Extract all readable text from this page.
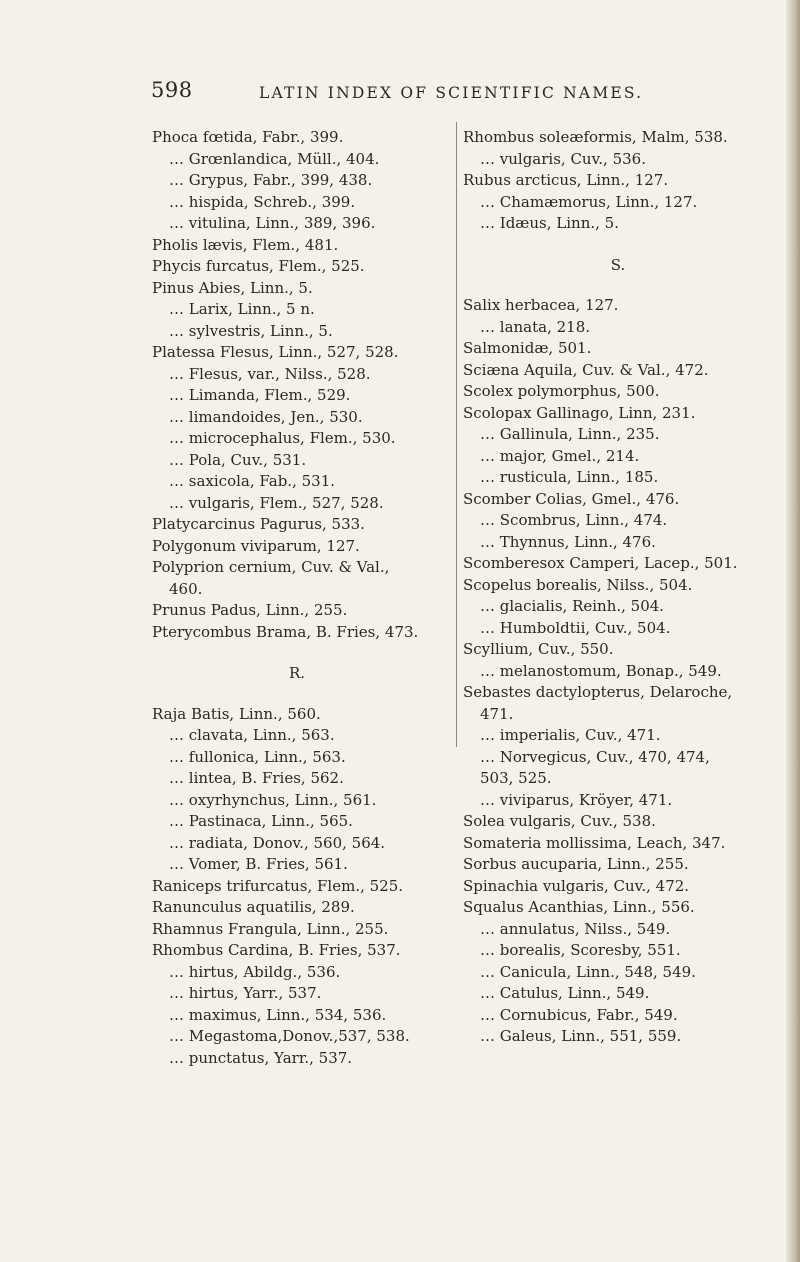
598	LATIN INDEX OF SCIENTIFIC NAMES.
Phoca fœtida, Fabr., 399.
… Grœnlandica, Müll., 404.
… Grypus, Fabr., 399, 438.
… hispida, Schreb., 399.
… vitulina, Linn., 389, 396.
Pholis lævis, Flem., 481.
Phycis furcatus, Flem., 525.
Pinus Abies, Linn., 5.
… Larix, Linn., 5 n.
… sylvestris, Linn., 5.
Platessa Flesus, Linn., 527, 528.
… Flesus, var., Nilss., 528.
… Limanda, Flem., 529.
… limandoides, Jen., 530.
… microcephalus, Flem., 530.
… Pola, Cuv., 531.
… saxicola, Fab., 531.
… vulgaris, Flem., 527, 528.
Platycarcinus Pagurus, 533.
Polygonum viviparum, 127.
Polyprion cernium, Cuv. & Val.,
460.
Prunus Padus, Linn., 255.
Pterycombus Brama, B. Fries, 473.
R.
Raja Batis, Linn., 560.
… clavata, Linn., 563.
… fullonica, Linn., 563.
… lintea, B. Fries, 562.
… oxyrhynchus, Linn., 561.
… Pastinaca, Linn., 565.
… radiata, Donov., 560, 564.
… Vomer, B. Fries, 561.
Raniceps trifurcatus, Flem., 525.
Ranunculus aquatilis, 289.
Rhamnus Frangula, Linn., 255.
Rhombus Cardina, B. Fries, 537.
… hirtus, Abildg., 536.
… hirtus, Yarr., 537.
… maximus, Linn., 534, 536.
… Megastoma,Donov.,537, 538.
… punctatus, Yarr., 537.
Rhombus soleæformis, Malm, 538.
… vulgaris, Cuv., 536.
Rubus arcticus, Linn., 127.
… Chamæmorus, Linn., 127.
… Idæus, Linn., 5.
S.
Salix herbacea, 127.
… lanata, 218.
Salmonidæ, 501.
Sciæna Aquila, Cuv. & Val., 472.
Scolex polymorphus, 500.
Scolopax Gallinago, Linn, 231.
… Gallinula, Linn., 235.
… major, Gmel., 214.
… rusticula, Linn., 185.
Scomber Colias, Gmel., 476.
… Scombrus, Linn., 474.
… Thynnus, Linn., 476.
Scomberesox Camperi, Lacep., 501.
Scopelus borealis, Nilss., 504.
… glacialis, Reinh., 504.
… Humboldtii, Cuv., 504.
Scyllium, Cuv., 550.
… melanostomum, Bonap., 549.
Sebastes dactylopterus, Delaroche,
471.
… imperialis, Cuv., 471.
… Norvegicus, Cuv., 470, 474,
503, 525.
… viviparus, Kröyer, 471.
Solea vulgaris, Cuv., 538.
Somateria mollissima, Leach, 347.
Sorbus aucuparia, Linn., 255.
Spinachia vulgaris, Cuv., 472.
Squalus Acanthias, Linn., 556.
… annulatus, Nilss., 549.
… borealis, Scoresby, 551.
… Canicula, Linn., 548, 549.
… Catulus, Linn., 549.
… Cornubicus, Fabr., 549.
… Galeus, Linn., 551, 559.
